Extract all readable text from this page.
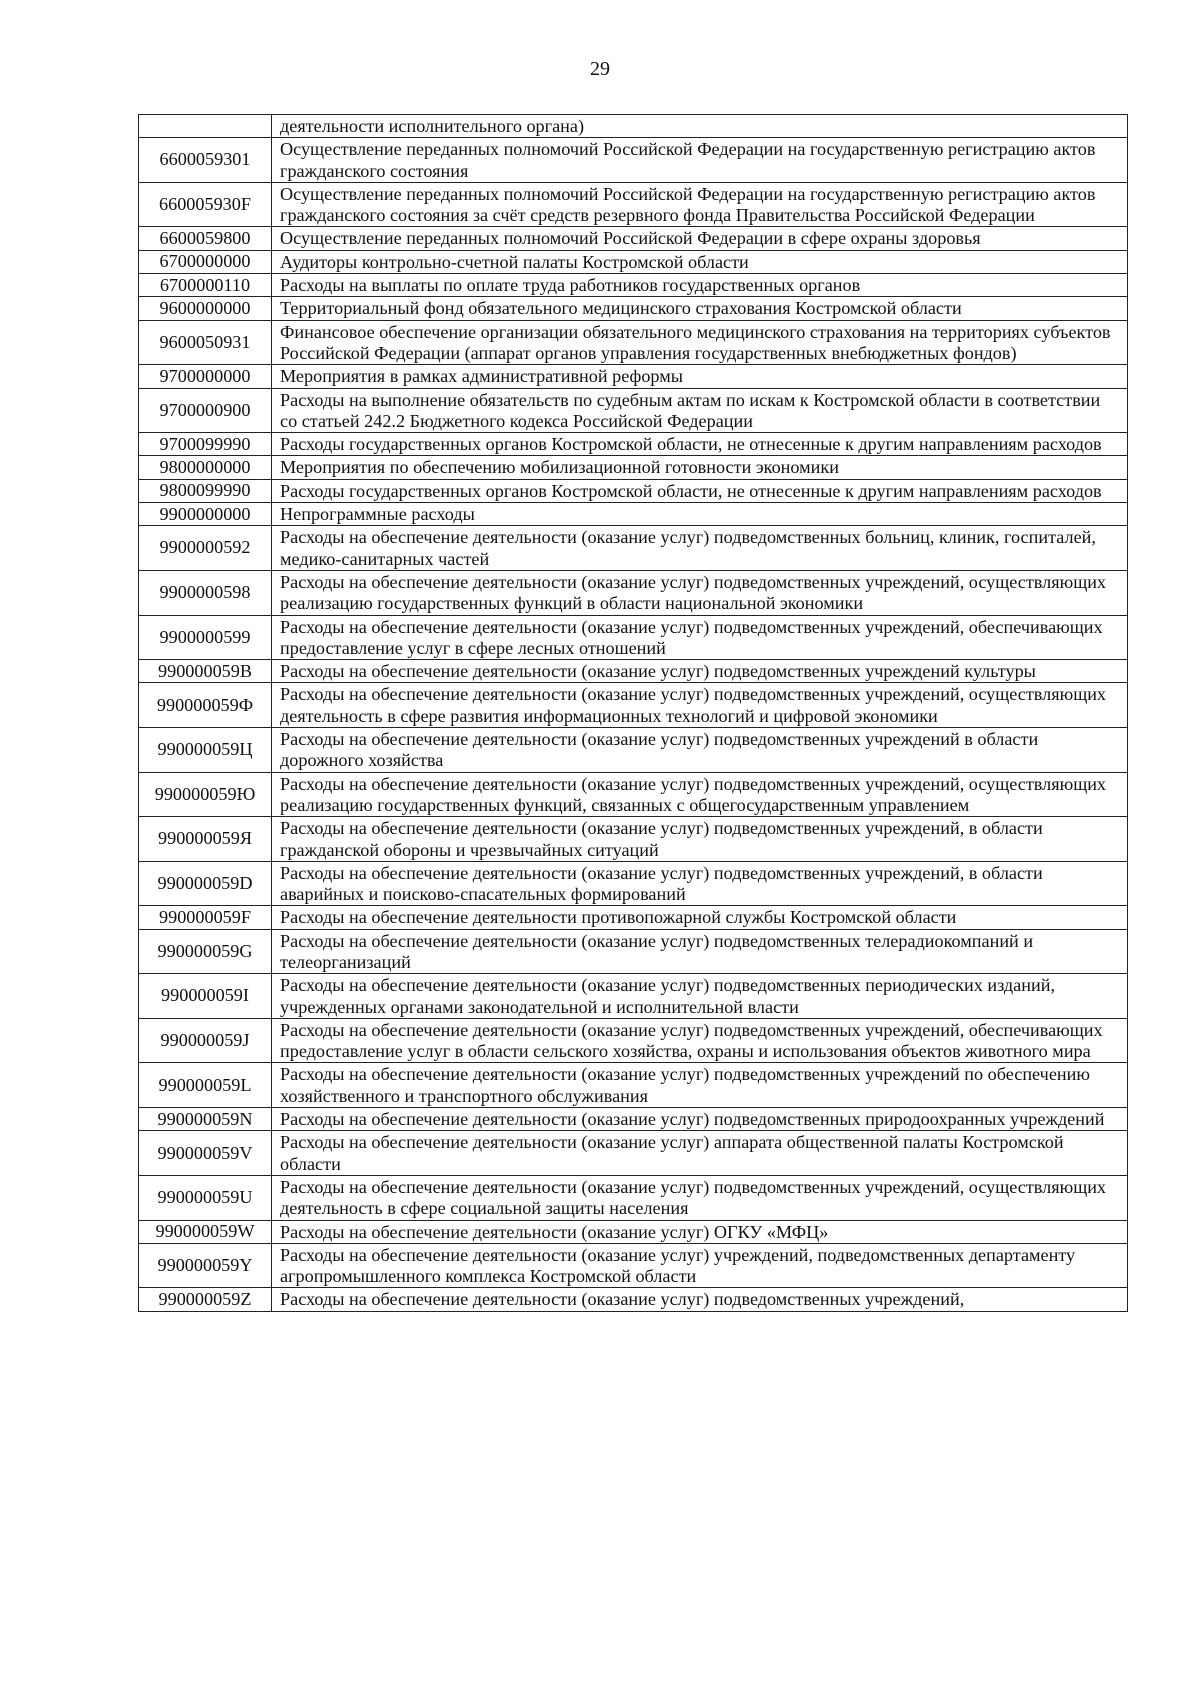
29
	деятельности исполнительного органа)
6600059301	Осуществление переданных полномочий Российской Федерации на государственную регистрацию актов гражданского состояния
660005930F	Осуществление переданных полномочий Российской Федерации на государственную регистрацию актов гражданского состояния за счёт средств резервного фонда Правительства Российской Федерации
6600059800	Осуществление переданных полномочий Российской Федерации в сфере охраны здоровья
6700000000	Аудиторы контрольно-счетной палаты Костромской области
6700000110	Расходы на выплаты по оплате труда работников государственных органов
9600000000	Территориальный фонд обязательного медицинского страхования Костромской области
9600050931	Финансовое обеспечение организации обязательного медицинского страхования на территориях субъектов Российской Федерации (аппарат органов управления государственных внебюджетных фондов)
9700000000	Мероприятия в рамках административной реформы
9700000900	Расходы на выполнение обязательств по судебным актам по искам к Костромской области в соответствии со статьей 242.2 Бюджетного кодекса Российской Федерации
9700099990	Расходы государственных органов Костромской области, не отнесенные к другим направлениям расходов
9800000000	Мероприятия по обеспечению мобилизационной готовности экономики
9800099990	Расходы государственных органов Костромской области, не отнесенные к другим направлениям расходов
9900000000	Непрограммные расходы
9900000592	Расходы на обеспечение деятельности (оказание услуг) подведомственных больниц, клиник, госпиталей, медико-санитарных частей
9900000598	Расходы на обеспечение деятельности (оказание услуг) подведомственных учреждений, осуществляющих реализацию государственных функций в области национальной экономики
9900000599	Расходы на обеспечение деятельности (оказание услуг) подведомственных учреждений, обеспечивающих предоставление услуг в сфере лесных отношений
990000059В	Расходы на обеспечение деятельности (оказание услуг) подведомственных учреждений культуры
990000059Ф	Расходы на обеспечение деятельности (оказание услуг) подведомственных учреждений, осуществляющих деятельность в сфере развития информационных технологий и цифровой экономики
990000059Ц	Расходы на обеспечение деятельности (оказание услуг) подведомственных учреждений в области дорожного хозяйства
990000059Ю	Расходы на обеспечение деятельности (оказание услуг) подведомственных учреждений, осуществляющих реализацию государственных функций, связанных с общегосударственным управлением
990000059Я	Расходы на обеспечение деятельности (оказание услуг) подведомственных учреждений, в области гражданской обороны и чрезвычайных ситуаций
990000059D	Расходы на обеспечение деятельности (оказание услуг) подведомственных учреждений, в области аварийных и поисково-спасательных формирований
990000059F	Расходы на обеспечение деятельности противопожарной службы Костромской области
990000059G	Расходы на обеспечение деятельности (оказание услуг) подведомственных телерадиокомпаний и телеорганизаций
990000059I	Расходы на обеспечение деятельности (оказание услуг) подведомственных периодических изданий, учрежденных органами законодательной и исполнительной власти
990000059J	Расходы на обеспечение деятельности (оказание услуг) подведомственных учреждений, обеспечивающих предоставление услуг в области сельского хозяйства, охраны и использования объектов животного мира
990000059L	Расходы на обеспечение деятельности (оказание услуг) подведомственных учреждений по обеспечению хозяйственного и транспортного обслуживания
990000059N	Расходы на обеспечение деятельности (оказание услуг) подведомственных природоохранных учреждений
990000059V	Расходы на обеспечение деятельности (оказание услуг) аппарата общественной палаты Костромской области
990000059U	Расходы на обеспечение деятельности (оказание услуг) подведомственных учреждений, осуществляющих деятельность в сфере социальной защиты населения
990000059W	Расходы на обеспечение деятельности (оказание услуг) ОГКУ «МФЦ»
990000059Y	Расходы на обеспечение деятельности (оказание услуг) учреждений, подведомственных департаменту агропромышленного комплекса Костромской области
990000059Z	Расходы на обеспечение деятельности (оказание услуг) подведомственных учреждений,
